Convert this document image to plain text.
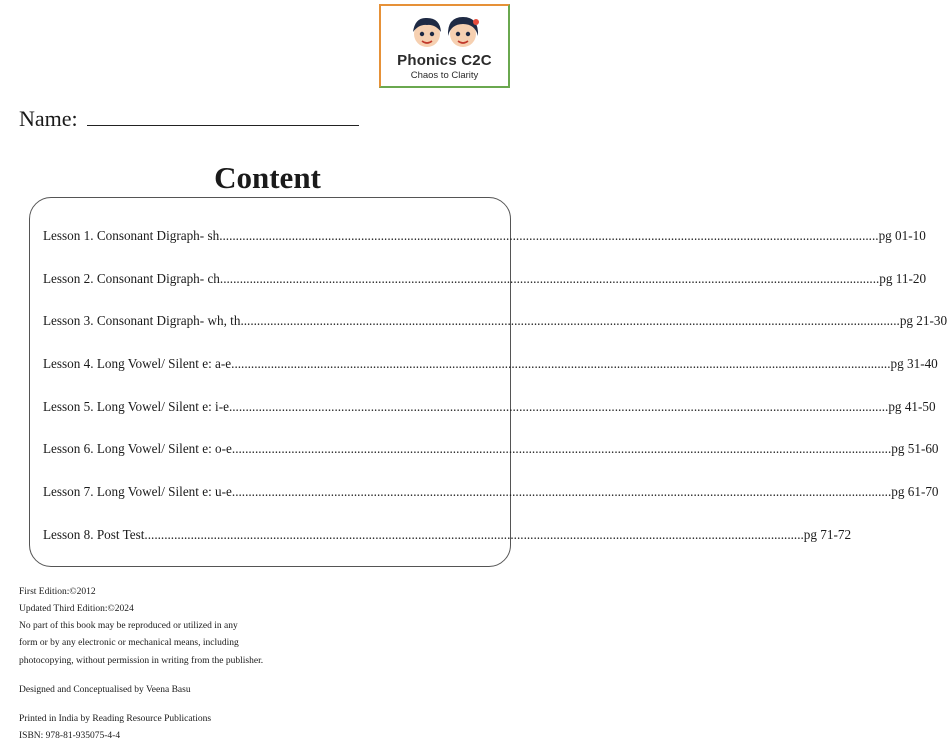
Phonics C2C
Chaos to Clarity
Name:
Content
Lesson 1. Consonant Digraph- sh ........................................................................................................................................................................................................ pg 01-10
Lesson 2. Consonant Digraph- ch ........................................................................................................................................................................................................ pg 11-20
Lesson 3. Consonant Digraph- wh, th ........................................................................................................................................................................................................ pg 21-30
Lesson 4. Long Vowel/ Silent e: a-e ........................................................................................................................................................................................................ pg 31-40
Lesson 5. Long Vowel/ Silent e: i-e ........................................................................................................................................................................................................ pg 41-50
Lesson 6. Long Vowel/ Silent e: o-e ........................................................................................................................................................................................................ pg 51-60
Lesson 7. Long Vowel/ Silent e: u-e ........................................................................................................................................................................................................ pg 61-70
Lesson 8. Post Test ........................................................................................................................................................................................................ pg 71-72
First Edition:©2012
Updated Third Edition:©2024
No part of this book may be reproduced or utilized in any
form or by any electronic or mechanical means, including
photocopying, without permission in writing from the publisher.
Designed and Conceptualised by Veena Basu
Printed in India by Reading Resource Publications
ISBN: 978-81-935075-4-4
